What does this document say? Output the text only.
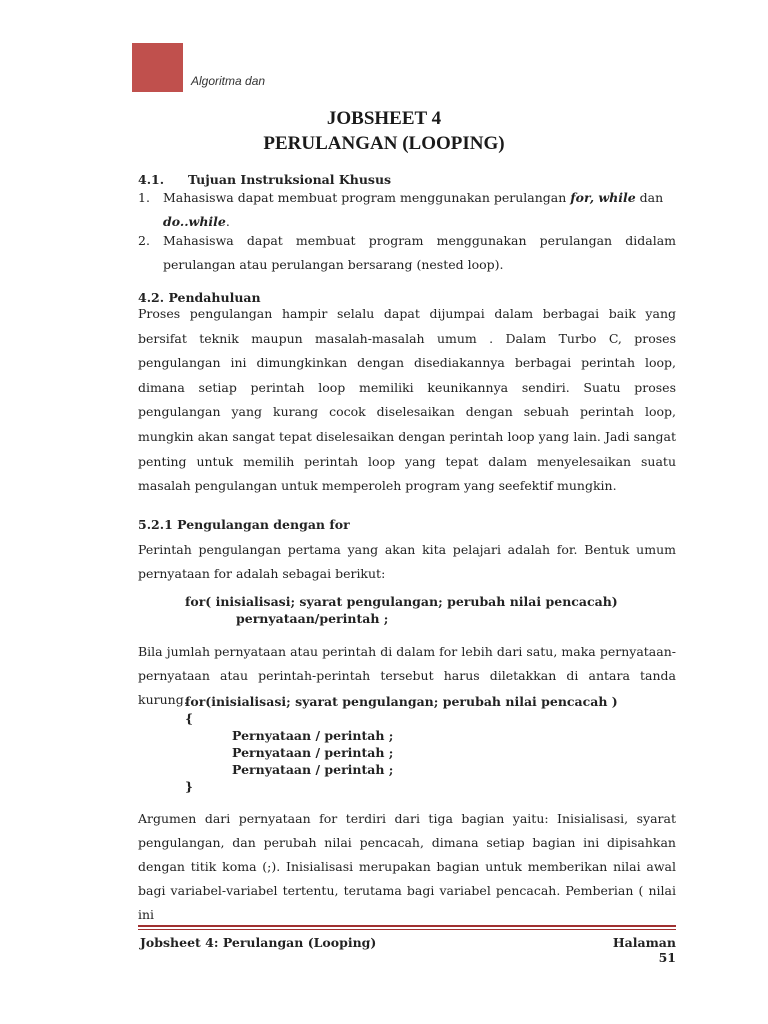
Algoritma dan
JOBSHEET 4
PERULANGAN (LOOPING)
4.1. Tujuan Instruksional Khusus
1. Mahasiswa dapat membuat program menggunakan perulangan for, while dan
do..while.
2. Mahasiswa dapat membuat program menggunakan perulangan didalam
perulangan atau perulangan bersarang (nested loop).
4.2. Pendahuluan
Proses pengulangan hampir selalu dapat dijumpai dalam berbagai baik yang bersifat teknik maupun masalah-masalah umum . Dalam Turbo C, proses pengulangan ini dimungkinkan dengan disediakannya berbagai perintah loop, dimana setiap perintah loop memiliki keunikannya sendiri. Suatu proses pengulangan yang kurang cocok diselesaikan dengan sebuah perintah loop, mungkin akan sangat tepat diselesaikan dengan perintah loop yang lain. Jadi sangat penting untuk memilih perintah loop yang tepat dalam menyelesaikan suatu masalah pengulangan untuk memperoleh program yang seefektif mungkin.
5.2.1 Pengulangan dengan for
Perintah pengulangan pertama yang akan kita pelajari adalah for. Bentuk umum pernyataan for adalah sebagai berikut:
for( inisialisasi; syarat pengulangan; perubah nilai pencacah)
pernyataan/perintah ;
Bila jumlah pernyataan atau perintah di dalam for lebih dari satu, maka pernyataan-pernyataan atau perintah-perintah tersebut harus diletakkan di antara tanda kurung.
for(inisialisasi; syarat pengulangan; perubah nilai pencacah )
{
Pernyataan / perintah ;
Pernyataan / perintah ;
Pernyataan / perintah ;
}
Argumen dari pernyataan for terdiri dari tiga bagian yaitu: Inisialisasi, syarat pengulangan, dan perubah nilai pencacah, dimana setiap bagian ini dipisahkan dengan titik koma (;). Inisialisasi merupakan bagian untuk memberikan nilai awal bagi variabel-variabel tertentu, terutama bagi variabel pencacah. Pemberian ( nilai ini
Jobsheet 4: Perulangan (Looping)	Halaman 51
